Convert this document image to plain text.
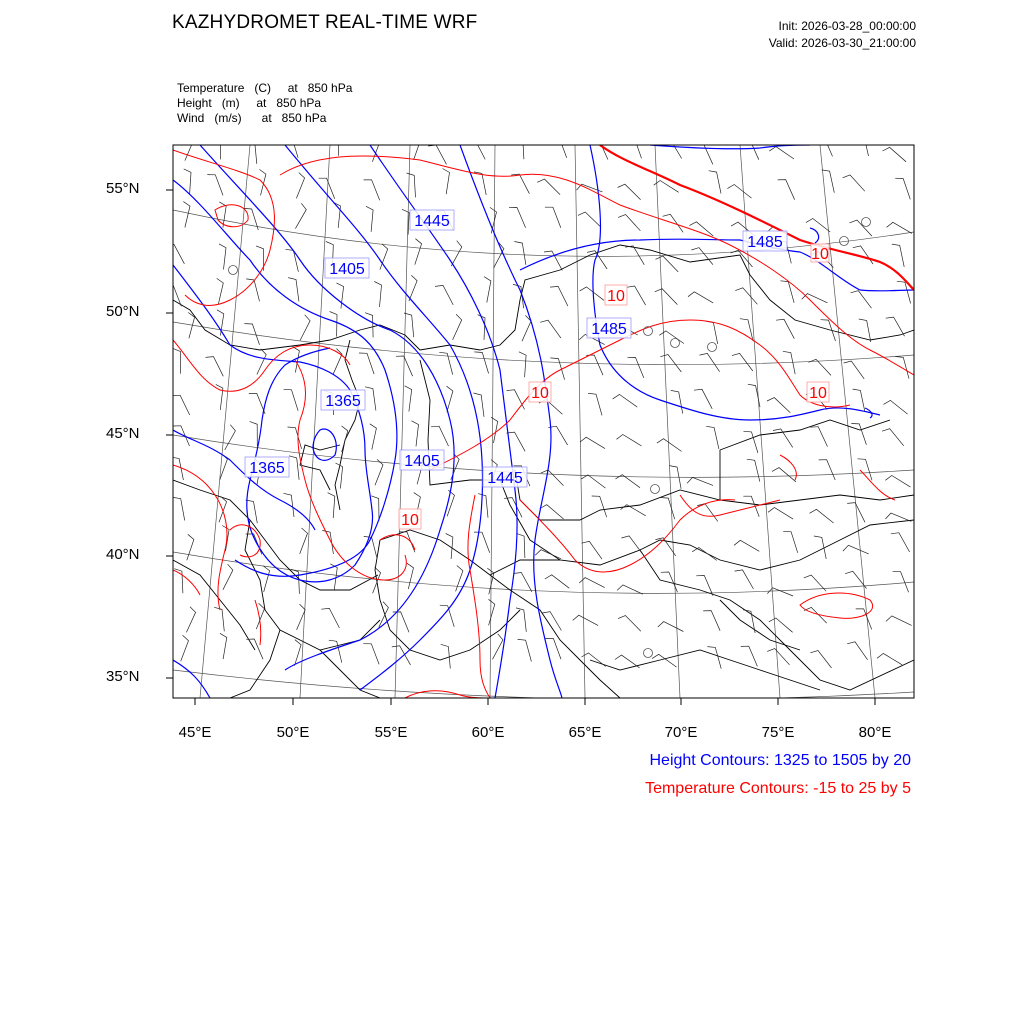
KAZHYDROMET REAL-TIME WRF	Init: 2026-03-28_00:00:00
Valid: 2026-03-30_21:00:00
Temperature   (C)     at   850 hPa
Height   (m)     at   850 hPa
Wind   (m/s)      at   850 hPa
1445
1405
1485
1485
1365
1365	1405
1445
10
10	10
10
10
55°N
50°N
45°N
40°N
35°N
45°E	50°E	55°E	60°E	65°E	70°E	75°E	80°E
Height Contours: 1325 to 1505 by 20
Temperature Contours: -15 to 25 by 5
